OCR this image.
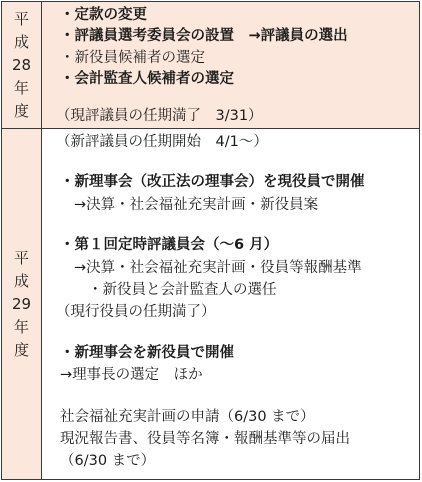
平
成
28
年
度
・定款の変更
・評議員選考委員会の設置　→評議員の選出
・新役員候補者の選定
・会計監査人候補者の選定
（現評議員の任期満了　3/31）
平
成
29
年
度
（新評議員の任期開始　4/1～）
・新理事会（改正法の理事会）を現役員で開催
→決算・社会福祉充実計画・新役員案
・第１回定時評議員会（～6 月）
→決算・社会福祉充実計画・役員等報酬基準
・新役員と会計監査人の選任
（現行役員の任期満了）
・新理事会を新役員で開催
→理事長の選定　ほか
社会福祉充実計画の申請（6/30 まで）
現況報告書、役員等名簿・報酬基準等の届出
（6/30 まで）
